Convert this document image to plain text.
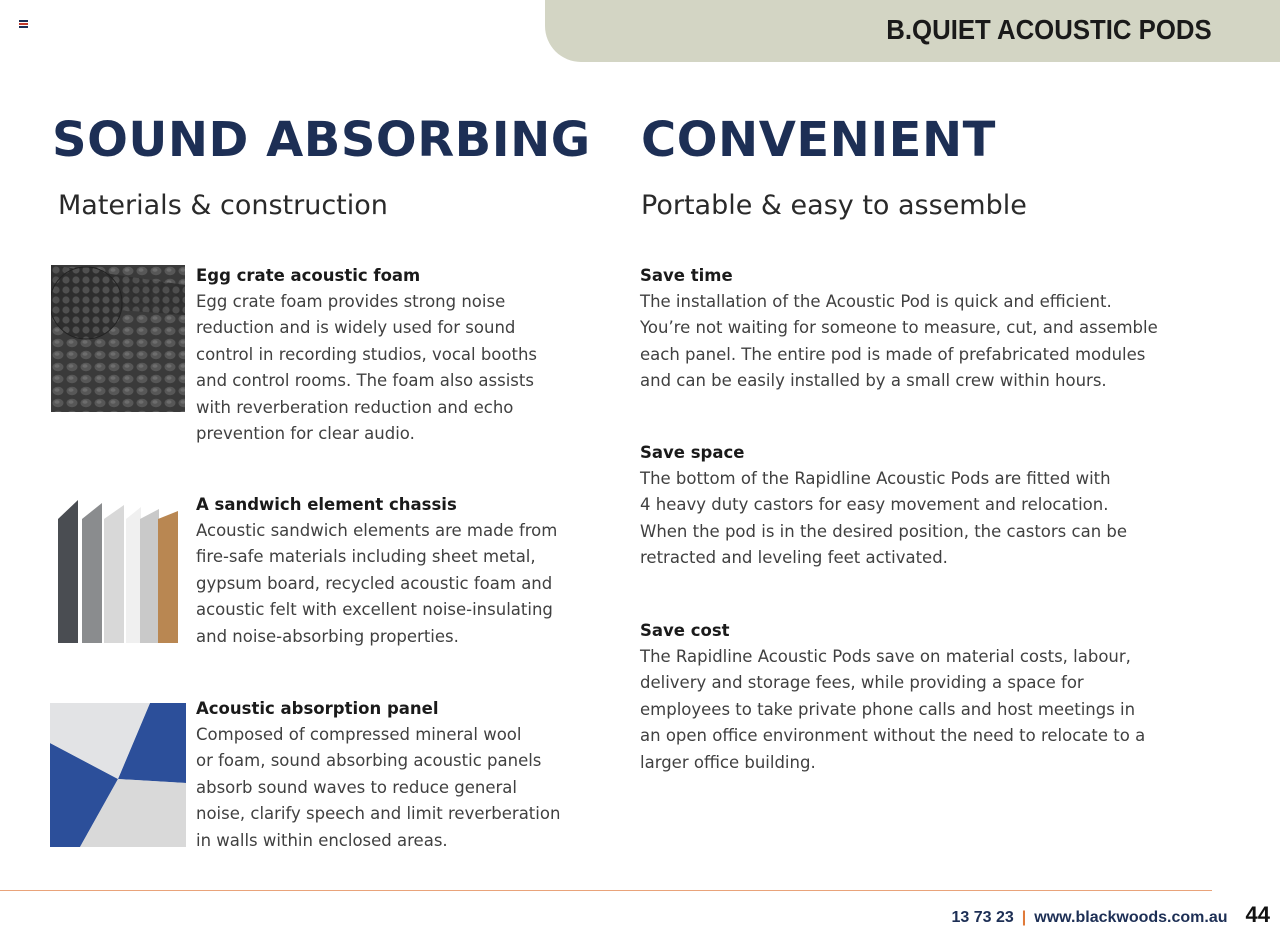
B.QUIET ACOUSTIC PODS
SOUND ABSORBING
Materials & construction
CONVENIENT
Portable & easy to assemble

Egg crate acoustic foam

Egg crate foam provides strong noise
reduction and is widely used for sound
control in recording studios, vocal booths
and control rooms. The foam also assists
with reverberation reduction and echo
prevention for clear audio.

A sandwich element chassis

Acoustic sandwich elements are made from
fire-safe materials including sheet metal,
gypsum board, recycled acoustic foam and
acoustic felt with excellent noise-insulating
and noise-absorbing properties.

Acoustic absorption panel

Composed of compressed mineral wool
or foam, sound absorbing acoustic panels
absorb sound waves to reduce general
noise, clarify speech and limit reverberation
in walls within enclosed areas.

Save time

The installation of the Acoustic Pod is quick and efficient.
You’re not waiting for someone to measure, cut, and assemble
each panel. The entire pod is made of prefabricated modules
and can be easily installed by a small crew within hours.

Save space

The bottom of the Rapidline Acoustic Pods are fitted with
4 heavy duty castors for easy movement and relocation.
When the pod is in the desired position, the castors can be
retracted and leveling feet activated.

Save cost

The Rapidline Acoustic Pods save on material costs, labour,
delivery and storage fees, while providing a space for
employees to take private phone calls and host meetings in
an open office environment without the need to relocate to a
larger office building.

13 73 23 | www.blackwoods.com.au 44
